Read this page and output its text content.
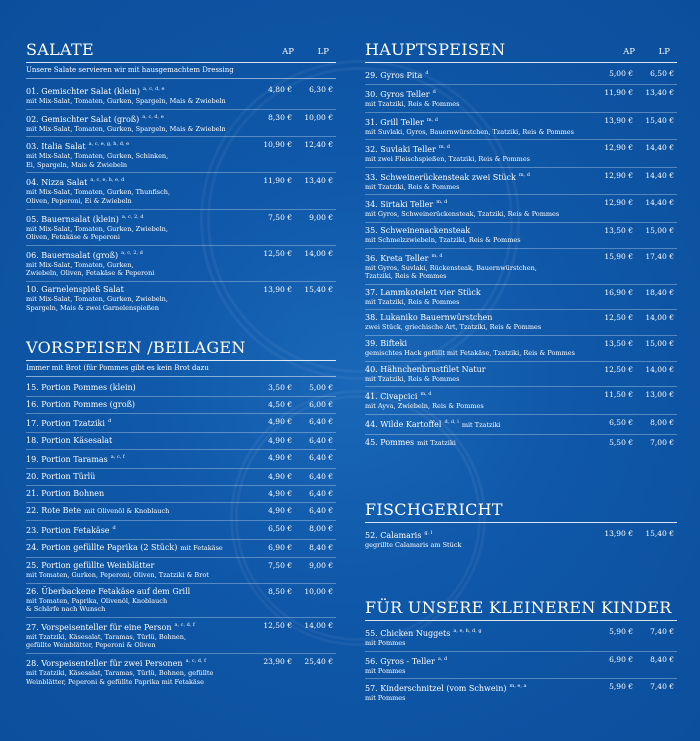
SALATE	AP	LP
Unsere Salate servieren wir mit hausgemachtem Dressing
01. Gemischter Salat (klein) $^{a, c, d, e}$
mit Mix-Salat, Tomaten, Gurken, Spargeln, Mais & Zwiebeln
4,80 € 6,30 €
02. Gemischter Salat (groß) $^{a, c, d, e}$
mit Mix-Salat, Tomaten, Gurken, Spargeln, Mais & Zwiebeln
8,30 € 10,00 €
03. Italia Salat $^{a, c, e, g, h, d, e}$
mit Mix-Salat, Tomaten, Gurken, Schinken,
Ei, Spargeln, Mais & Zwiebeln
10,90 € 12,40 €
04. Nizza Salat $^{a, c, e, h, e, d}$
mit Mix-Salat, Tomaten, Gurken, Thunfisch,
Oliven, Peperoni, Ei & Zwiebeln
11,90 € 13,40 €
05. Bauernsalat (klein) $^{a, c, 2, d}$
mit Mix-Salat, Tomaten, Gurken, Zwiebeln,
Oliven, Fetakäse & Peperoni
7,50 € 9,00 €
06. Bauernsalat (groß) $^{a, c, 2, d}$
mit Mix-Salat, Tomaten, Gurken,
Zwiebeln, Oliven, Fetakäse & Peperoni
12,50 € 14,00 €
10. Garnelenspieß Salat
mit Mix-Salat, Tomaten, Gurken, Zwiebeln,
Spargeln, Mais & zwei Garnelenspießen
13,90 € 15,40 €
VORSPEISEN /BEILAGEN
Immer mit Brot (für Pommes gibt es kein Brot dazu
15. Portion Pommes (klein)	3,50 € 5,00 €
16. Portion Pommes (groß)	4,50 € 6,00 €
17. Portion Tzatziki $^d$	4,90 € 6,40 €
18. Portion Käsesalat	4,90 € 6,40 €
19. Portion Taramas $^{a, c, f}$	4,90 € 6,40 €
20. Portion Türlü	4,90 € 6,40 €
21. Portion Bohnen	4,90 € 6,40 €
22. Rote Bete mit Olivenöl & Knoblauch	4,90 € 6,40 €
23. Portion Fetakäse $^d$	6,50 € 8,00 €
24. Portion gefüllte Paprika (2 Stück) mit Fetakäse	6,90 € 8,40 €
25. Portion gefüllte Weinblätter
mit Tomaten, Gurken, Peperoni, Oliven, Tzatziki & Brot
7,50 € 9,00 €
26. Überbackene Fetakäse auf dem Grill
mit Tomaten, Paprika, Olivenöl, Knoblauch
& Schärfe nach Wunsch
8,50 € 10,00 €
27. Vorspeisenteller für eine Person $^{a, c, d, f}$
mit Tzatziki, Käsesalat, Taramas, Türlü, Bohnen,
gefüllte Weinblätter, Peperoni & Oliven
12,50 € 14,00 €
28. Vorspeisenteller für zwei Personen $^{a, c, d, f}$
mit Tzatziki, Käsesalat, Taramas, Türlü, Bohnen, gefüllte
Weinblätter, Peperoni & gefüllte Paprika mit Fetakäse
23,90 € 25,40 €
HAUPTSPEISEN	AP	LP
29. Gyros Pita $^d$	5,00 € 6,50 €
30. Gyros Teller $^d$
mit Tzatziki, Reis & Pommes
11,90 € 13,40 €
31. Grill Teller $^{m, d}$
mit Suvlaki, Gyros, Bauernwürstchen, Tzatziki, Reis & Pommes
13,90 € 15,40 €
32. Suvlaki Teller $^{m, d}$
mit zwei Fleischspießen, Tzatziki, Reis & Pommes
12,90 € 14,40 €
33. Schweinerückensteak zwei Stück $^{m, d}$
mit Tzatziki, Reis & Pommes
12,90 € 14,40 €
34. Sirtaki Teller $^{m, d}$
mit Gyros, Schweinerückensteak, Tzatziki, Reis & Pommes
12,90 € 14,40 €
35. Schweinenackensteak
mit Schmelzzwiebeln, Tzatziki, Reis & Pommes
13,50 € 15,00 €
36. Kreta Teller $^{m, d}$
mit Gyros, Suvlaki, Rückensteak, Bauernwürstchen,
Tzatziki, Reis & Pommes
15,90 € 17,40 €
37. Lammkotelett vier Stück
mit Tzatziki, Reis & Pommes
16,90 € 18,40 €
38. Lukaniko Bauernwürstchen
zwei Stück, griechische Art, Tzatziki, Reis & Pommes
12,50 € 14,00 €
39. Bifteki
gemischtes Hack gefüllt mit Fetakäse, Tzatziki, Reis & Pommes
13,50 € 15,00 €
40. Hähnchenbrustfilet Natur
mit Tzatziki, Reis & Pommes
12,50 € 14,00 €
41. Civapcici $^{m, d}$
mit Ayva, Zwiebeln, Reis & Pommes
11,50 € 13,00 €
44. Wilde Kartoffel $^{d, d, i}$ mit Tzatziki	6,50 € 8,00 €
45. Pommes mit Tzatziki	5,50 € 7,00 €
FISCHGERICHT
52. Calamaris $^{g, l}$
gegrillte Calamaris am Stück
13,90 € 15,40 €
FÜR UNSERE KLEINEREN KINDER
55. Chicken Nuggets $^{a, e, h, d, g}$
mit Pommes
5,90 € 7,40 €
56. Gyros - Teller $^{a, d}$
mit Pommes
6,90 € 8,40 €
57. Kinderschnitzel (vom Schwein) $^{m, e, a}$
mit Pommes
5,90 € 7,40 €
